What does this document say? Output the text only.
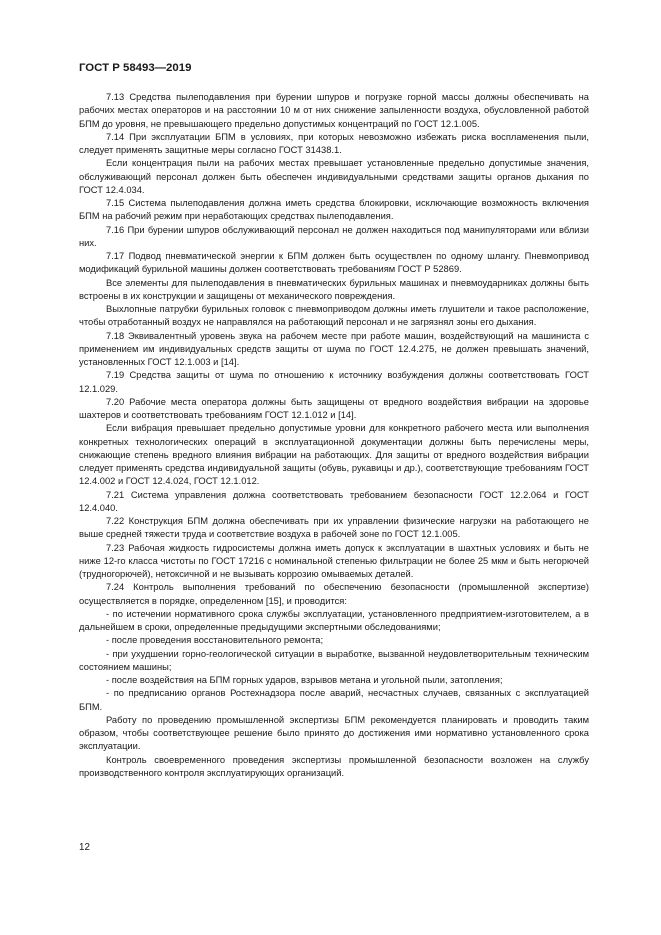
ГОСТ Р 58493—2019

7.13 Средства пылеподавления при бурении шпуров и погрузке горной массы должны обеспечивать на рабочих местах операторов и на расстоянии 10 м от них снижение запыленности воздуха, обусловленной работой БПМ до уровня, не превышающего предельно допустимых концентраций по ГОСТ 12.1.005.

7.14 При эксплуатации БПМ в условиях, при которых невозможно избежать риска воспламенения пыли, следует применять защитные меры согласно ГОСТ 31438.1.

Если концентрация пыли на рабочих местах превышает установленные предельно допустимые значения, обслуживающий персонал должен быть обеспечен индивидуальными средствами защиты органов дыхания по ГОСТ 12.4.034.

7.15 Система пылеподавления должна иметь средства блокировки, исключающие возможность включения БПМ на рабочий режим при неработающих средствах пылеподавления.

7.16 При бурении шпуров обслуживающий персонал не должен находиться под манипуляторами или вблизи них.

7.17 Подвод пневматической энергии к БПМ должен быть осуществлен по одному шлангу. Пневмопривод модификаций бурильной машины должен соответствовать требованиям ГОСТ Р 52869.

Все элементы для пылеподавления в пневматических бурильных машинах и пневмоударниках должны быть встроены в их конструкции и защищены от механического повреждения.

Выхлопные патрубки бурильных головок с пневмоприводом должны иметь глушители и такое расположение, чтобы отработанный воздух не направлялся на работающий персонал и не загрязнял зоны его дыхания.

7.18 Эквивалентный уровень звука на рабочем месте при работе машин, воздействующий на машиниста с применением им индивидуальных средств защиты от шума по ГОСТ 12.4.275, не должен превышать значений, установленных ГОСТ 12.1.003 и [14].

7.19 Средства защиты от шума по отношению к источнику возбуждения должны соответствовать ГОСТ 12.1.029.

7.20 Рабочие места оператора должны быть защищены от вредного воздействия вибрации на здоровье шахтеров и соответствовать требованиям ГОСТ 12.1.012 и [14].

Если вибрация превышает предельно допустимые уровни для конкретного рабочего места или выполнения конкретных технологических операций в эксплуатационной документации должны быть перечислены меры, снижающие степень вредного влияния вибрации на работающих. Для защиты от вредного воздействия вибрации следует применять средства индивидуальной защиты (обувь, рукавицы и др.), соответствующие требованиям ГОСТ 12.4.002 и ГОСТ 12.4.024, ГОСТ 12.1.012.

7.21 Система управления должна соответствовать требованием безопасности ГОСТ 12.2.064 и ГОСТ 12.4.040.

7.22 Конструкция БПМ должна обеспечивать при их управлении физические нагрузки на работающего не выше средней тяжести труда и соответствие воздуха в рабочей зоне по ГОСТ 12.1.005.

7.23 Рабочая жидкость гидросистемы должна иметь допуск к эксплуатации в шахтных условиях и быть не ниже 12-го класса чистоты по ГОСТ 17216 с номинальной степенью фильтрации не более 25 мкм и быть негорючей (трудногорючей), нетоксичной и не вызывать коррозию омываемых деталей.

7.24 Контроль выполнения требований по обеспечению безопасности (промышленной экспертизе) осуществляется в порядке, определенном [15], и проводится:

- по истечении нормативного срока службы эксплуатации, установленного предприятием-изготовителем, а в дальнейшем в сроки, определенные предыдущими экспертными обследованиями;

- после проведения восстановительного ремонта;

- при ухудшении горно-геологической ситуации в выработке, вызванной неудовлетворительным техническим состоянием машины;

- после воздействия на БПМ горных ударов, взрывов метана и угольной пыли, затопления;

- по предписанию органов Ростехнадзора после аварий, несчастных случаев, связанных с эксплуатацией БПМ.

Работу по проведению промышленной экспертизы БПМ рекомендуется планировать и проводить таким образом, чтобы соответствующее решение было принято до достижения ими нормативно установленного срока эксплуатации.

Контроль своевременного проведения экспертизы промышленной безопасности возложен на службу производственного контроля эксплуатирующих организаций.

12
